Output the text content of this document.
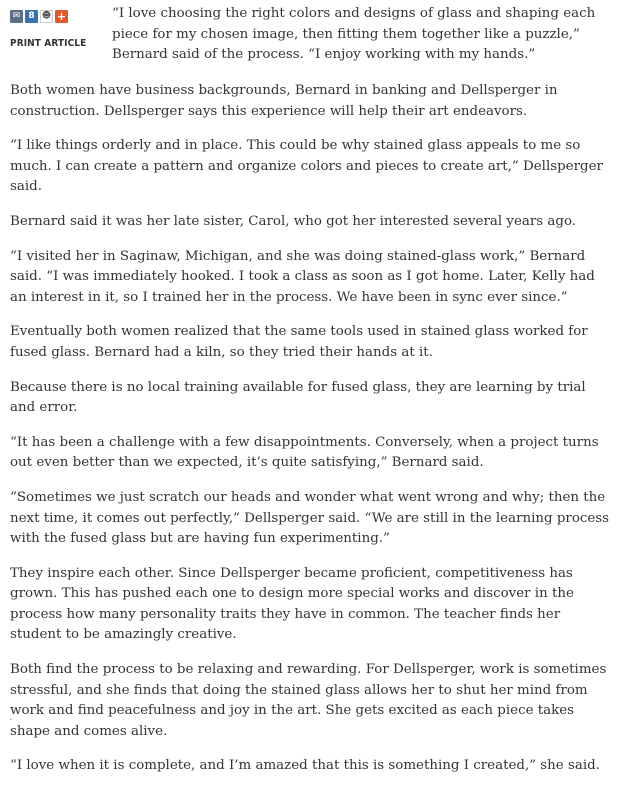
✉ 8 ☻ +
PRINT ARTICLE

“I love choosing the right colors and designs of glass and shaping each piece for my chosen image, then fitting them together like a puzzle,” Bernard said of the process. “I enjoy working with my hands.”

Both women have business backgrounds, Bernard in banking and Dellsperger in construction. Dellsperger says this experience will help their art endeavors.

“I like things orderly and in place. This could be why stained glass appeals to me so much. I can create a pattern and organize colors and pieces to create art,” Dellsperger said.

Bernard said it was her late sister, Carol, who got her interested several years ago.

“I visited her in Saginaw, Michigan, and she was doing stained-glass work,” Bernard said. “I was immediately hooked. I took a class as soon as I got home. Later, Kelly had an interest in it, so I trained her in the process. We have been in sync ever since.”

Eventually both women realized that the same tools used in stained glass worked for fused glass. Bernard had a kiln, so they tried their hands at it.

Because there is no local training available for fused glass, they are learning by trial and error.

“It has been a challenge with a few disappointments. Conversely, when a project turns out even better than we expected, it’s quite satisfying,” Bernard said.

“Sometimes we just scratch our heads and wonder what went wrong and why; then the next time, it comes out perfectly,” Dellsperger said. “We are still in the learning process with the fused glass but are having fun experimenting.”

They inspire each other. Since Dellsperger became proficient, competitiveness has grown. This has pushed each one to design more special works and discover in the process how many personality traits they have in common. The teacher finds her student to be amazingly creative.

Both find the process to be relaxing and rewarding. For Dellsperger, work is sometimes stressful, and she finds that doing the stained glass allows her to shut her mind from work and find peacefulness and joy in the art. She gets excited as each piece takes shape and comes alive.

“I love when it is complete, and I’m amazed that this is something I created,” she said.
